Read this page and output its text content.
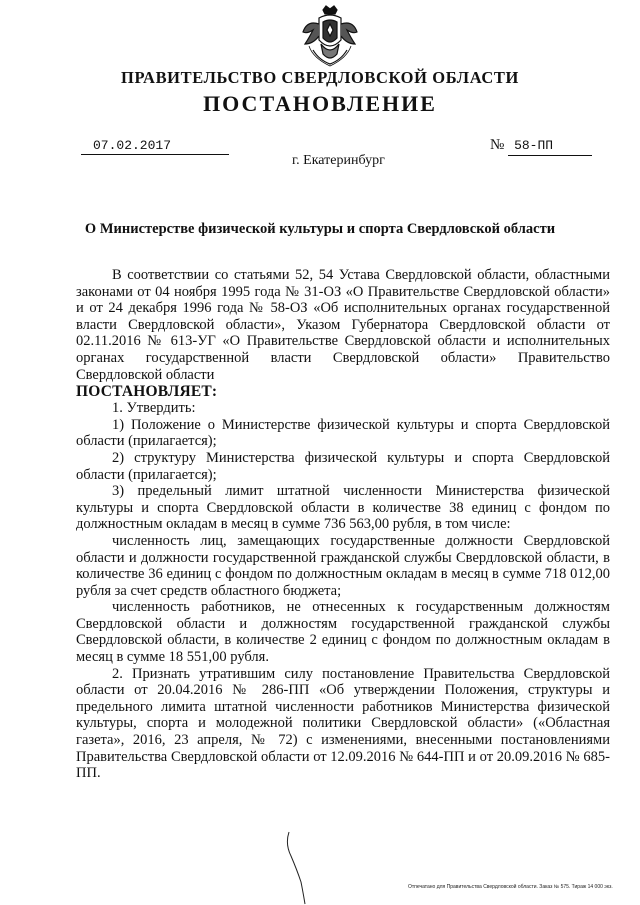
ПРАВИТЕЛЬСТВО СВЕРДЛОВСКОЙ ОБЛАСТИ
ПОСТАНОВЛЕНИЕ
07.02.2017	№ 58-ПП
г. Екатеринбург
О Министерстве физической культуры и спорта Свердловской области

В соответствии со статьями 52, 54 Устава Свердловской области, областными законами от 04 ноября 1995 года № 31-ОЗ «О Правительстве Свердловской области» и от 24 декабря 1996 года № 58-ОЗ «Об исполнительных органах государственной власти Свердловской области», Указом Губернатора Свердловской области от 02.11.2016 № 613-УГ «О Правительстве Свердловской области и исполнительных органах государственной власти Свердловской области» Правительство Свердловской области

ПОСТАНОВЛЯЕТ:

1. Утвердить:

1) Положение о Министерстве физической культуры и спорта Свердловской области (прилагается);

2) структуру Министерства физической культуры и спорта Свердловской области (прилагается);

3) предельный лимит штатной численности Министерства физической культуры и спорта Свердловской области в количестве 38 единиц с фондом по должностным окладам в месяц в сумме 736 563,00 рубля, в том числе:

численность лиц, замещающих государственные должности Свердловской области и должности государственной гражданской службы Свердловской области, в количестве 36 единиц с фондом по должностным окладам в месяц в сумме 718 012,00 рубля за счет средств областного бюджета;

численность работников, не отнесенных к государственным должностям Свердловской области и должностям государственной гражданской службы Свердловской области, в количестве 2 единиц с фондом по должностным окладам в месяц в сумме 18 551,00 рубля.

2. Признать утратившим силу постановление Правительства Свердловской области от 20.04.2016 № 286-ПП «Об утверждении Положения, структуры и предельного лимита штатной численности работников Министерства физической культуры, спорта и молодежной политики Свердловской области» («Областная газета», 2016, 23 апреля, № 72) с изменениями, внесенными постановлениями Правительства Свердловской области от 12.09.2016 № 644-ПП и от 20.09.2016 № 685-ПП.

Отпечатано для Правительства Свердловской области. Заказ № 575. Тираж 14 000 экз.
